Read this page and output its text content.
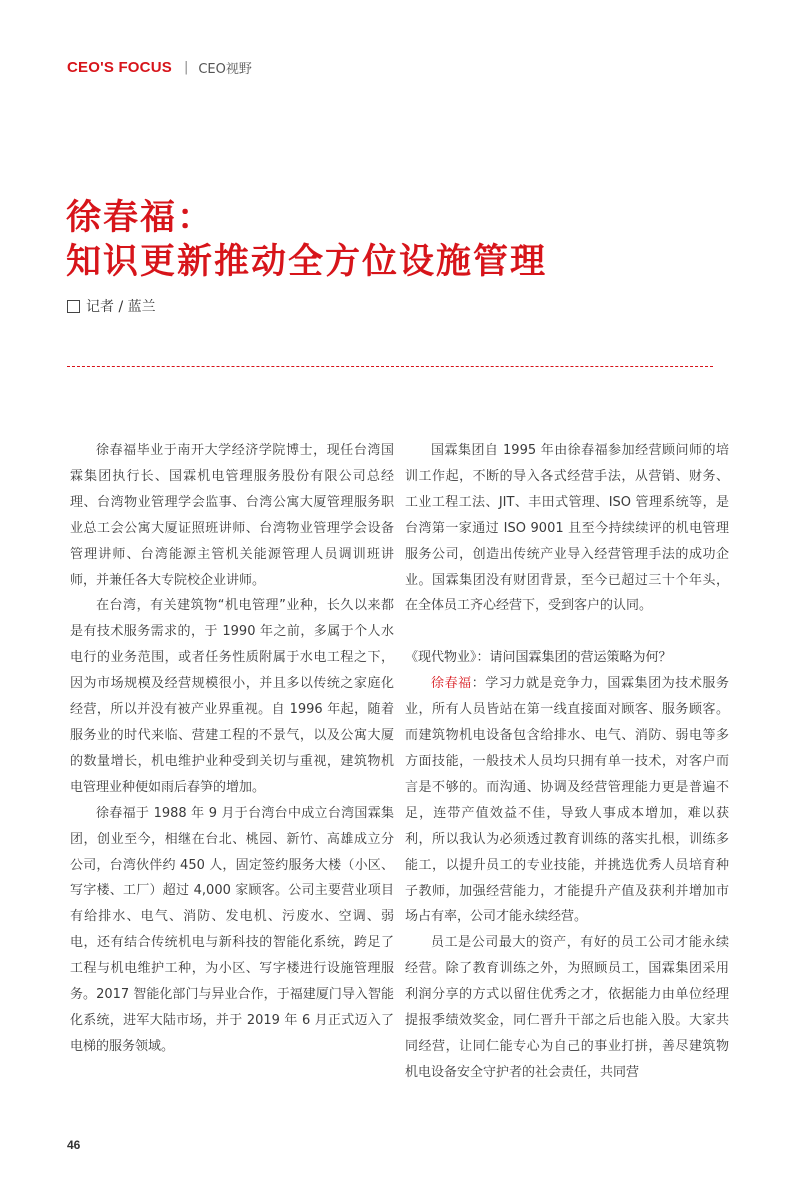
CEO'S FOCUS | CEO视野
徐春福：
知识更新推动全方位设施管理
记者 / 蓝兰

徐春福毕业于南开大学经济学院博士，现任台湾国霖集团执行长、国霖机电管理服务股份有限公司总经理、台湾物业管理学会监事、台湾公寓大厦管理服务职业总工会公寓大厦证照班讲师、台湾物业管理学会设备管理讲师、台湾能源主管机关能源管理人员调训班讲师，并兼任各大专院校企业讲师。

在台湾，有关建筑物“机电管理”业种，长久以来都是有技术服务需求的，于 1990 年之前，多属于个人水电行的业务范围，或者任务性质附属于水电工程之下，因为市场规模及经营规模很小，并且多以传统之家庭化经营，所以并没有被产业界重视。自 1996 年起，随着服务业的时代来临、营建工程的不景气，以及公寓大厦的数量增长，机电维护业种受到关切与重视，建筑物机电管理业种便如雨后春笋的增加。

徐春福于 1988 年 9 月于台湾台中成立台湾国霖集团，创业至今，相继在台北、桃园、新竹、高雄成立分公司，台湾伙伴约 450 人，固定签约服务大楼（小区、写字楼、工厂）超过 4,000 家顾客。公司主要营业项目有给排水、电气、消防、发电机、污废水、空调、弱电，还有结合传统机电与新科技的智能化系统，跨足了工程与机电维护工种，为小区、写字楼进行设施管理服务。2017 智能化部门与异业合作，于福建厦门导入智能化系统，进军大陆市场，并于 2019 年 6 月正式迈入了电梯的服务领域。

国霖集团自 1995 年由徐春福参加经营顾问师的培训工作起，不断的导入各式经营手法，从营销、财务、工业工程工法、JIT、丰田式管理、ISO 管理系统等，是台湾第一家通过 ISO 9001 且至今持续续评的机电管理服务公司，创造出传统产业导入经营管理手法的成功企业。国霖集团没有财团背景，至今已超过三十个年头，在全体员工齐心经营下，受到客户的认同。

《现代物业》：请问国霖集团的营运策略为何？

徐春福：学习力就是竞争力，国霖集团为技术服务业，所有人员皆站在第一线直接面对顾客、服务顾客。而建筑物机电设备包含给排水、电气、消防、弱电等多方面技能，一般技术人员均只拥有单一技术，对客户而言是不够的。而沟通、协调及经营管理能力更是普遍不足，连带产值效益不佳，导致人事成本增加，难以获利，所以我认为必须透过教育训练的落实扎根，训练多能工，以提升员工的专业技能，并挑选优秀人员培育种子教师，加强经营能力，才能提升产值及获利并增加市场占有率，公司才能永续经营。

员工是公司最大的资产，有好的员工公司才能永续经营。除了教育训练之外，为照顾员工，国霖集团采用利润分享的方式以留住优秀之才，依据能力由单位经理提报季绩效奖金，同仁晋升干部之后也能入股。大家共同经营，让同仁能专心为自己的事业打拼，善尽建筑物机电设备安全守护者的社会责任，共同营

46
